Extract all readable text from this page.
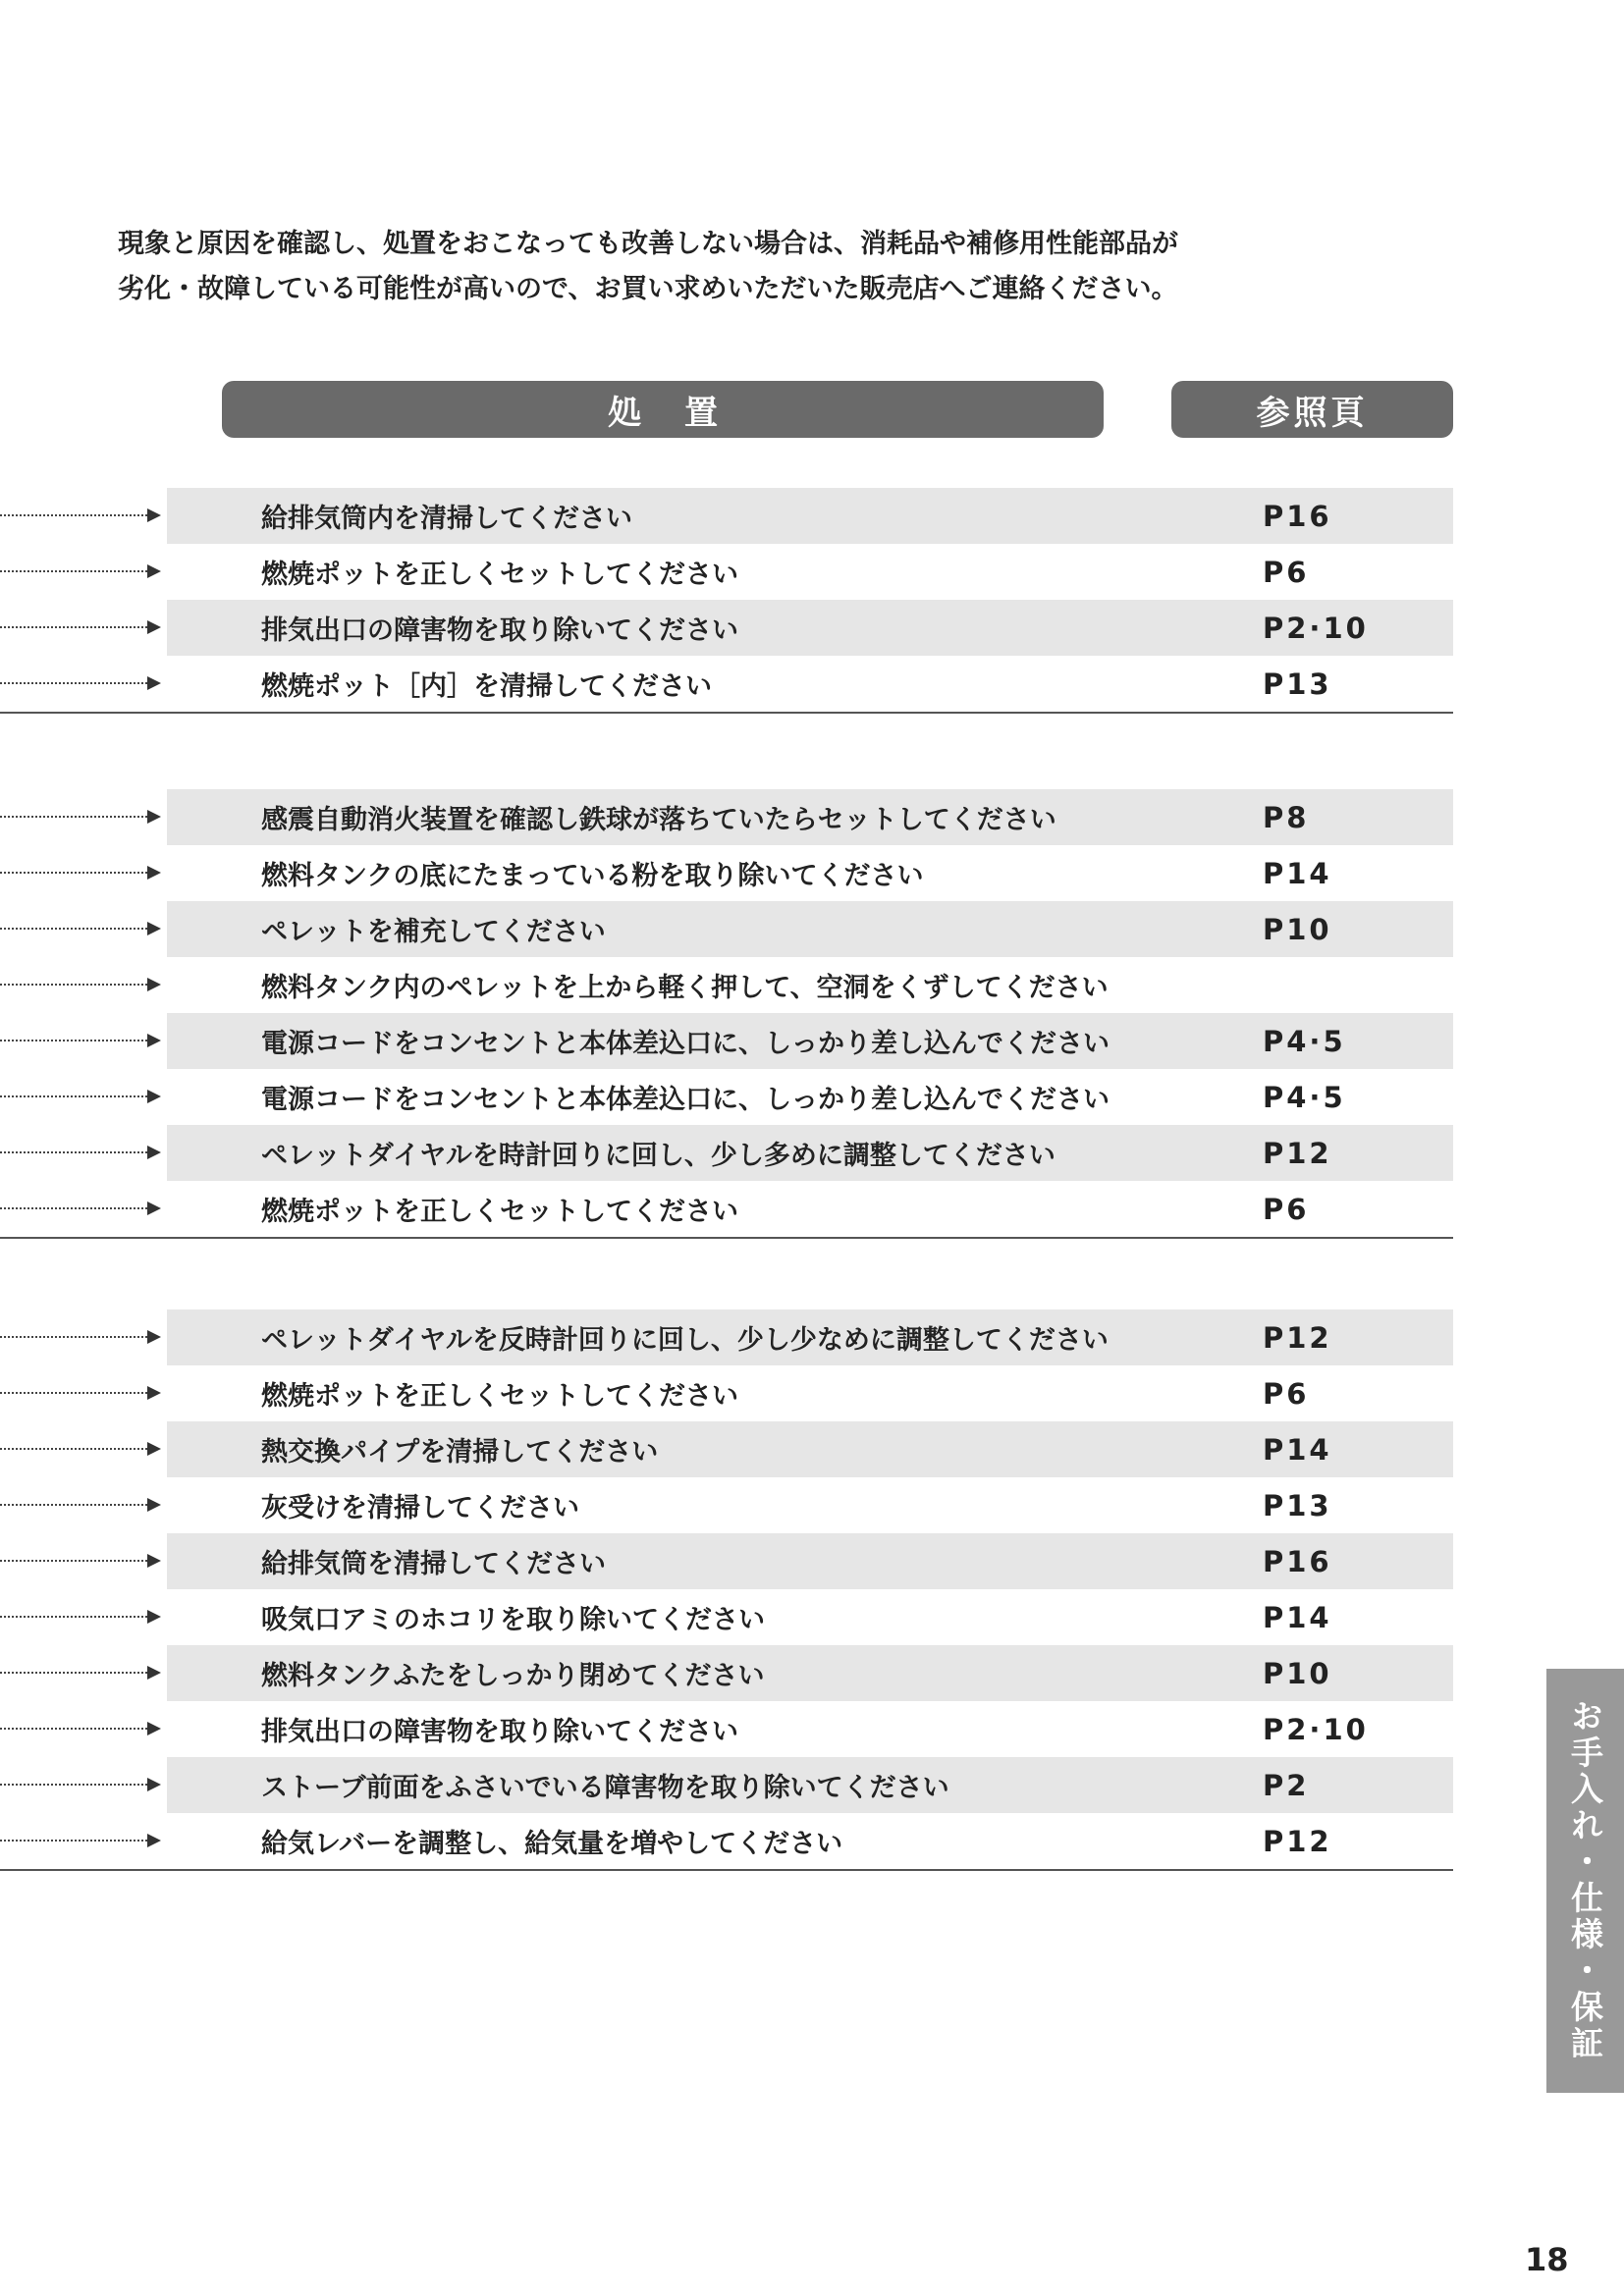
現象と原因を確認し、処置をおこなっても改善しない場合は、消耗品や補修用性能部品が
劣化・故障している可能性が高いので、お買い求めいただいた販売店へご連絡ください。
処置	参照頁
給排気筒内を清掃してください	P16
燃焼ポットを正しくセットしてください	P6
排気出口の障害物を取り除いてください	P2·10
燃焼ポット［内］を清掃してください	P13
感震自動消火装置を確認し鉄球が落ちていたらセットしてください	P8
燃料タンクの底にたまっている粉を取り除いてください	P14
ペレットを補充してください	P10
燃料タンク内のペレットを上から軽く押して、空洞をくずしてください
電源コードをコンセントと本体差込口に、しっかり差し込んでください	P4·5
電源コードをコンセントと本体差込口に、しっかり差し込んでください	P4·5
ペレットダイヤルを時計回りに回し、少し多めに調整してください	P12
燃焼ポットを正しくセットしてください	P6
ペレットダイヤルを反時計回りに回し、少し少なめに調整してください	P12
燃焼ポットを正しくセットしてください	P6
熱交換パイプを清掃してください	P14
灰受けを清掃してください	P13
給排気筒を清掃してください	P16
吸気口アミのホコリを取り除いてください	P14
燃料タンクふたをしっかり閉めてください	P10
排気出口の障害物を取り除いてください	P2·10
ストーブ前面をふさいでいる障害物を取り除いてください	P2
給気レバーを調整し、給気量を増やしてください	P12	お手入れ・仕様・保証
18
